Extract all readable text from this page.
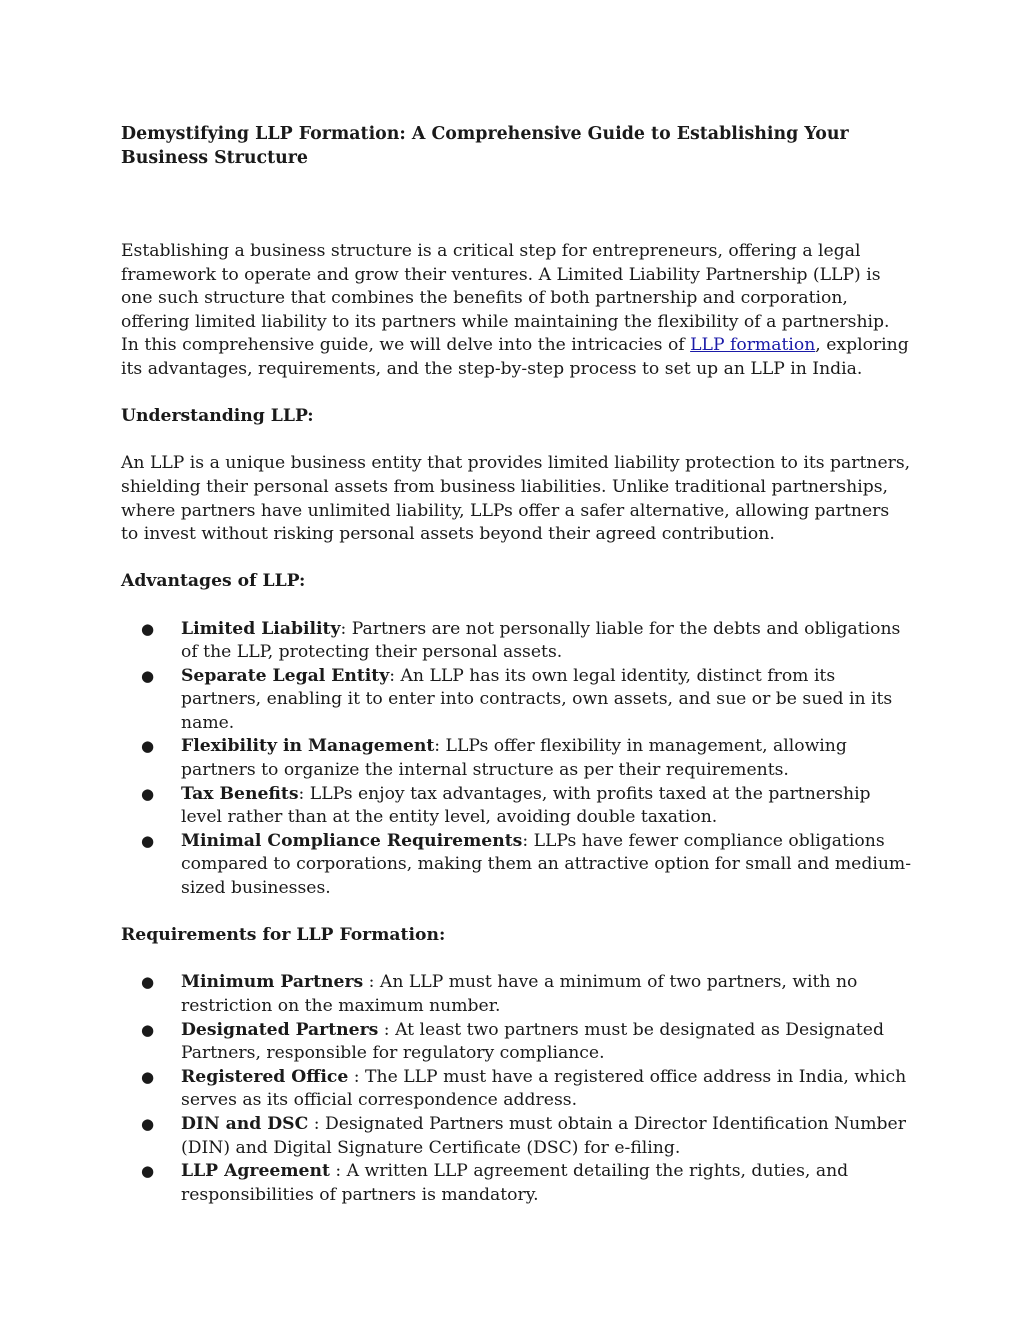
Demystifying LLP Formation: A Comprehensive Guide to Establishing Your Business Structure

Establishing a business structure is a critical step for entrepreneurs, offering a legal framework to operate and grow their ventures. A Limited Liability Partnership (LLP) is one such structure that combines the benefits of both partnership and corporation, offering limited liability to its partners while maintaining the flexibility of a partnership. In this comprehensive guide, we will delve into the intricacies of LLP formation, exploring its advantages, requirements, and the step-by-step process to set up an LLP in India.

Understanding LLP:

An LLP is a unique business entity that provides limited liability protection to its partners, shielding their personal assets from business liabilities. Unlike traditional partnerships, where partners have unlimited liability, LLPs offer a safer alternative, allowing partners to invest without risking personal assets beyond their agreed contribution.

Advantages of LLP:
● Limited Liability: Partners are not personally liable for the debts and obligations of the LLP, protecting their personal assets.
● Separate Legal Entity: An LLP has its own legal identity, distinct from its partners, enabling it to enter into contracts, own assets, and sue or be sued in its name.
● Flexibility in Management: LLPs offer flexibility in management, allowing partners to organize the internal structure as per their requirements.
● Tax Benefits: LLPs enjoy tax advantages, with profits taxed at the partnership level rather than at the entity level, avoiding double taxation.
● Minimal Compliance Requirements: LLPs have fewer compliance obligations compared to corporations, making them an attractive option for small and medium-sized businesses.
Requirements for LLP Formation:
● Minimum Partners : An LLP must have a minimum of two partners, with no restriction on the maximum number.
● Designated Partners : At least two partners must be designated as Designated Partners, responsible for regulatory compliance.
● Registered Office : The LLP must have a registered office address in India, which serves as its official correspondence address.
● DIN and DSC : Designated Partners must obtain a Director Identification Number (DIN) and Digital Signature Certificate (DSC) for e-filing.
● LLP Agreement : A written LLP agreement detailing the rights, duties, and responsibilities of partners is mandatory.
